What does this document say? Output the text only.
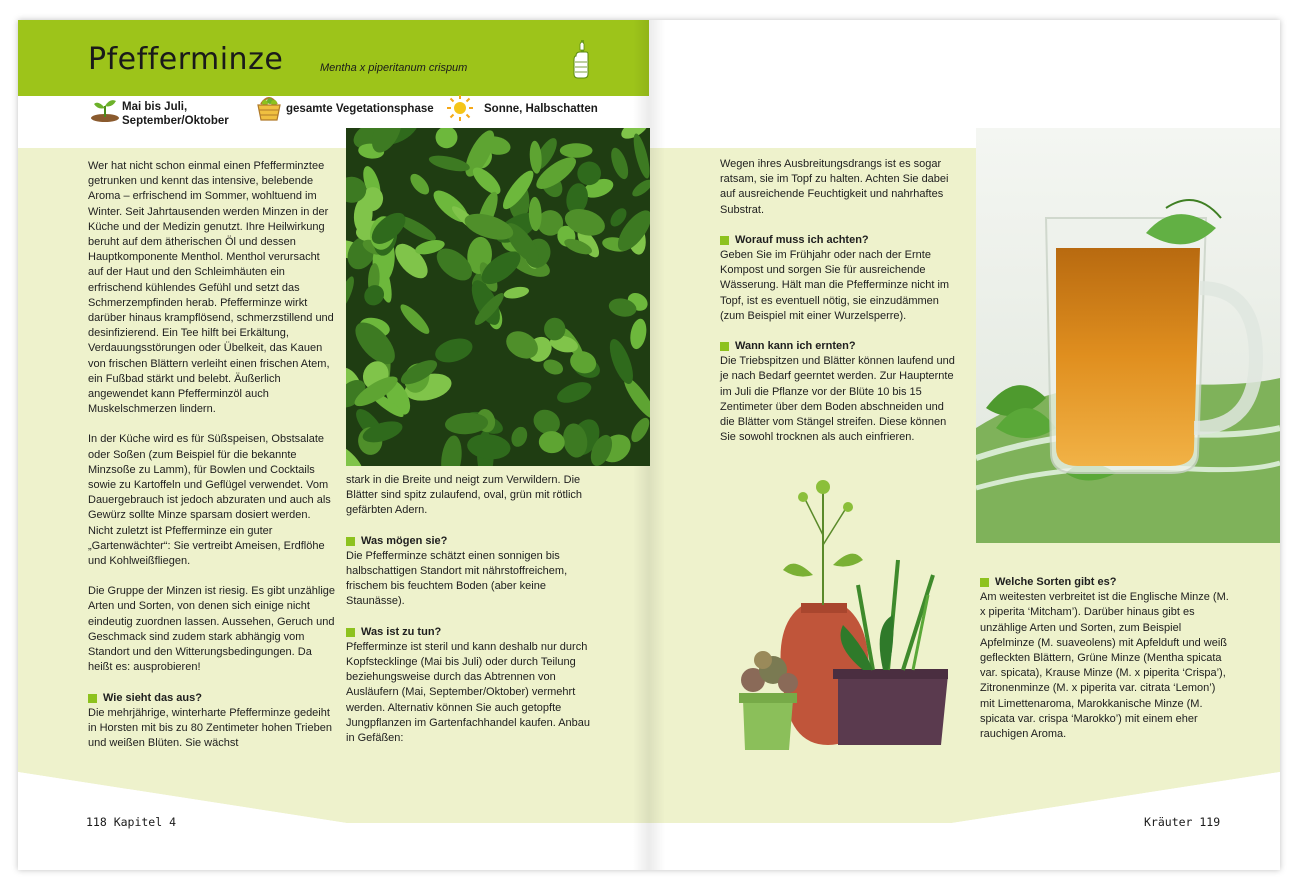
Pfefferminze	Mentha x piperitanum crispum
Mai bis Juli,
September/Oktober
gesamte Vegetationsphase	Sonne, Halbschatten

Wer hat nicht schon einmal einen Pfefferminztee getrunken und kennt das intensive, belebende Aroma – erfrischend im Sommer, wohltuend im Winter. Seit Jahrtausenden werden Minzen in der Küche und der Medizin genutzt. Ihre Heilwirkung beruht auf dem ätherischen Öl und dessen Hauptkomponente Menthol. Menthol verursacht auf der Haut und den Schleimhäuten ein erfrischend kühlendes Gefühl und setzt das Schmerzempfinden herab. Pfefferminze wirkt darüber hinaus krampflösend, schmerzstillend und desinfizierend. Ein Tee hilft bei Erkältung, Verdauungsstörungen oder Übelkeit, das Kauen von frischen Blättern verleiht einen frischen Atem, ein Fußbad stärkt und belebt. Äußerlich angewendet kann Pfefferminzöl auch Muskelschmerzen lindern.

In der Küche wird es für Süßspeisen, Obstsalate oder Soßen (zum Beispiel für die bekannte Minzsoße zu Lamm), für Bowlen und Cocktails sowie zu Kartoffeln und Geflügel verwendet. Vom Dauergebrauch ist jedoch abzuraten und auch als Gewürz sollte Minze sparsam dosiert werden. Nicht zuletzt ist Pfefferminze ein guter „Gartenwächter“: Sie vertreibt Ameisen, Erdflöhe und Kohlweißfliegen.

Die Gruppe der Minzen ist riesig. Es gibt unzählige Arten und Sorten, von denen sich einige nicht eindeutig zuordnen lassen. Aussehen, Geruch und Geschmack sind zudem stark abhängig vom Standort und den Witterungsbedingungen. Da heißt es: ausprobieren!

Wie sieht das aus?

Die mehrjährige, winterharte Pfefferminze gedeiht in Horsten mit bis zu 80 Zentimeter hohen Trieben und weißen Blüten. Sie wächst

stark in die Breite und neigt zum Verwildern. Die Blätter sind spitz zulaufend, oval, grün mit rötlich gefärbten Adern.

Was mögen sie?

Die Pfefferminze schätzt einen sonnigen bis halbschattigen Standort mit nährstoffreichem, frischem bis feuchtem Boden (aber keine Staunässe).

Was ist zu tun?

Pfefferminze ist steril und kann deshalb nur durch Kopfstecklinge (Mai bis Juli) oder durch Teilung beziehungsweise durch das Abtrennen von Ausläufern (Mai, September/Oktober) vermehrt werden. Alternativ können Sie auch getopfte Jungpflanzen im Gartenfachhandel kaufen. Anbau in Gefäßen:

Wegen ihres Ausbreitungsdrangs ist es sogar ratsam, sie im Topf zu halten. Achten Sie dabei auf ausreichende Feuchtigkeit und nahrhaftes Substrat.

Worauf muss ich achten?

Geben Sie im Frühjahr oder nach der Ernte Kompost und sorgen Sie für ausreichende Wässerung. Hält man die Pfefferminze nicht im Topf, ist es eventuell nötig, sie einzudämmen (zum Beispiel mit einer Wurzelsperre).

Wann kann ich ernten?

Die Triebspitzen und Blätter können laufend und je nach Bedarf geerntet werden. Zur Haupternte im Juli die Pflanze vor der Blüte 10 bis 15 Zentimeter über dem Boden abschneiden und die Blätter vom Stängel streifen. Diese können Sie sowohl trocknen als auch einfrieren.

Welche Sorten gibt es?

Am weitesten verbreitet ist die Englische Minze (M. x piperita ‘Mitcham’). Darüber hinaus gibt es unzählige Arten und Sorten, zum Beispiel Apfelminze (M. suaveolens) mit Apfelduft und weiß gefleckten Blättern, Grüne Minze (Mentha spicata var. spicata), Krause Minze (M. x piperita ‘Crispa’), Zitronenminze (M. x piperita var. citrata ‘Lemon’) mit Limettenaroma, Marokkanische Minze (M. spicata var. crispa ‘Marokko’) mit einem eher rauchigen Aroma.

118 Kapitel 4	Kräuter 119
